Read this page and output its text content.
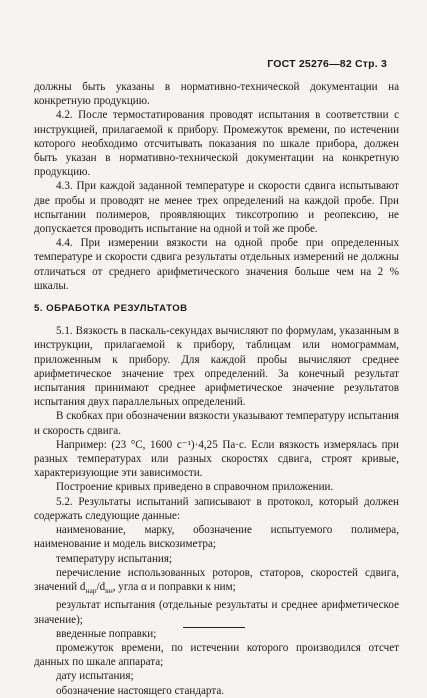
ГОСТ 25276—82 Стр. 3

должны быть указаны в нормативно-технической документации на конкретную продукцию.

4.2. После термостатирования проводят испытания в соответствии с инструкцией, прилагаемой к прибору. Промежуток времени, по истечении которого необходимо отсчитывать показания по шкале прибора, должен быть указан в нормативно-технической документации на конкретную продукцию.

4.3. При каждой заданной температуре и скорости сдвига испытывают две пробы и проводят не менее трех определений на каждой пробе. При испытании полимеров, проявляющих тиксотропию и реопексию, не допускается проводить испытание на одной и той же пробе.

4.4. При измерении вязкости на одной пробе при определенных температуре и скорости сдвига результаты отдельных измерений не должны отличаться от среднего арифметического значения больше чем на 2 % шкалы.

5. ОБРАБОТКА РЕЗУЛЬТАТОВ

5.1. Вязкость в паскаль-секундах вычисляют по формулам, указанным в инструкции, прилагаемой к прибору, таблицам или номограммам, приложенным к прибору. Для каждой пробы вычисляют среднее арифметическое значение трех определений. За конечный результат испытания принимают среднее арифметическое значение результатов испытания двух параллельных определений.

В скобках при обозначении вязкости указывают температуру испытания и скорость сдвига.

Например: (23 °C, 1600 c⁻¹)·4,25 Па·с. Если вязкость измерялась при разных температурах или разных скоростях сдвига, строят кривые, характеризующие эти зависимости.

Построение кривых приведено в справочном приложении.

5.2. Результаты испытаний записывают в протокол, который должен содержать следующие данные:

наименование, марку, обозначение испытуемого полимера, наименование и модель вискозиметра;

температуру испытания;

перечисление использованных роторов, статоров, скоростей сдвига, значений $d_{нар}/d_{вн}$, угла α и поправки к ним;

результат испытания (отдельные результаты и среднее арифметическое значение);

введенные поправки;

промежуток времени, по истечении которого производился отсчет данных по шкале аппарата;

дату испытания;

обозначение настоящего стандарта.
